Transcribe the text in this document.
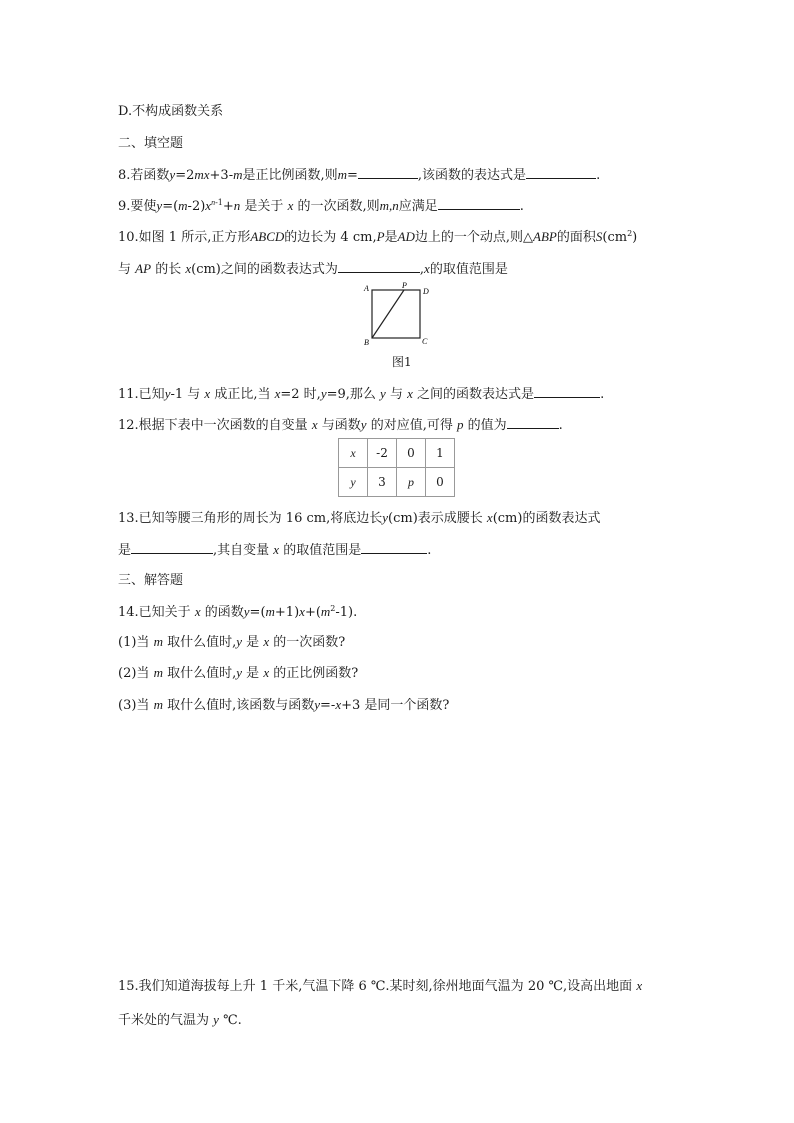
D.不构成函数关系
二、填空题
8.若函数y=2mx+3-m是正比例函数,则m=	,该函数的表达式是	.
9.要使$y=(m-2)x^{n-1}+n$ 是关于 x 的一次函数,则m,n应满足	.
10.如图 1 所示,正方形ABCD的边长为 4 cm,P是AD边上的一个动点,则△ABP的面积$S(cm^2)$
与 AP 的长 x(cm)之间的函数表达式为	,x的取值范围是
A	P
D
B	C
图1
11.已知y-1 与 x 成正比,当 x=2 时,y=9,那么 y 与 x 之间的函数表达式是	.
12.根据下表中一次函数的自变量 x 与函数y 的对应值,可得 p 的值为	.
x	-2	0	1
y	3	p	0
13.已知等腰三角形的周长为 16 cm,将底边长y(cm)表示成腰长 x(cm)的函数表达式
是	,其自变量 x 的取值范围是	.
三、解答题
14.已知关于 x 的函数$y=(m+1)x+(m^2-1)$.
(1)当 m 取什么值时,y 是 x 的一次函数?
(2)当 m 取什么值时,y 是 x 的正比例函数?
(3)当 m 取什么值时,该函数与函数y=-x+3 是同一个函数?
15.我们知道海拔每上升 1 千米,气温下降 6 ℃.某时刻,徐州地面气温为 20 ℃,设高出地面 x
千米处的气温为 y ℃.
